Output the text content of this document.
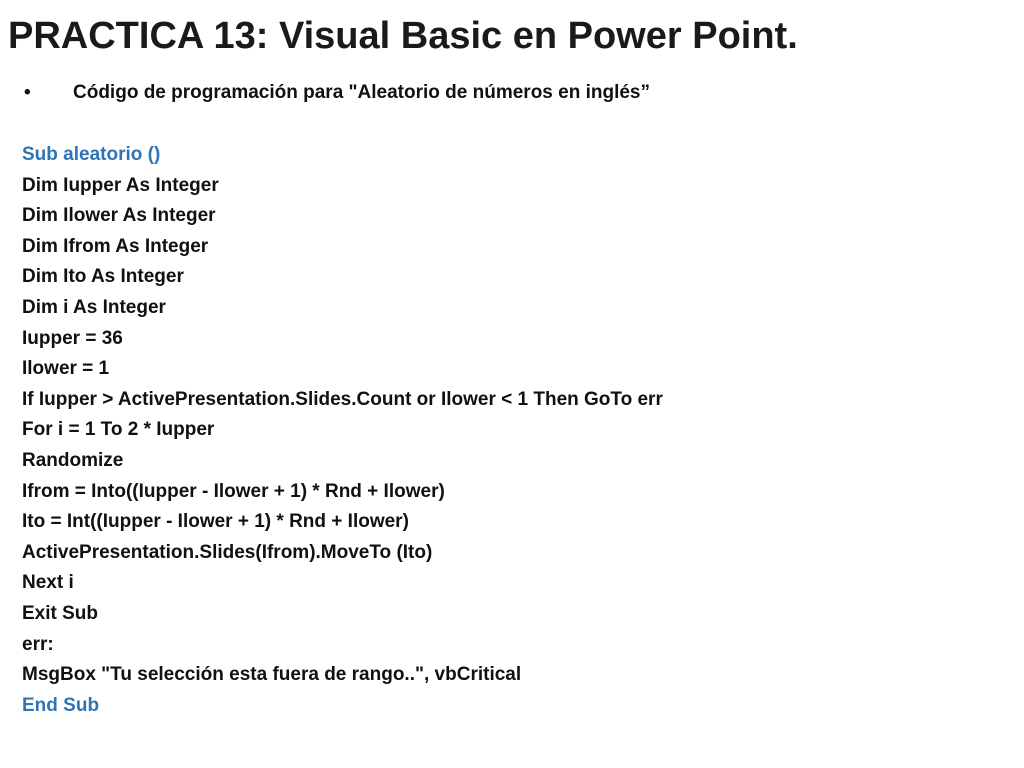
PRACTICA 13: Visual Basic en Power Point.
• Código de programación para "Aleatorio de números en inglés”
Sub aleatorio ()
Dim Iupper As Integer
Dim Ilower As Integer
Dim Ifrom As Integer
Dim Ito As Integer
Dim i As Integer
Iupper = 36
Ilower = 1
If Iupper > ActivePresentation.Slides.Count or Ilower < 1 Then GoTo err
For i = 1 To 2 * Iupper
Randomize
Ifrom = Into((Iupper - Ilower + 1) * Rnd + Ilower)
Ito = Int((Iupper - Ilower + 1) * Rnd + Ilower)
ActivePresentation.Slides(Ifrom).MoveTo (Ito)
Next i
Exit Sub
err:
MsgBox "Tu selección esta fuera de rango..", vbCritical
End Sub
